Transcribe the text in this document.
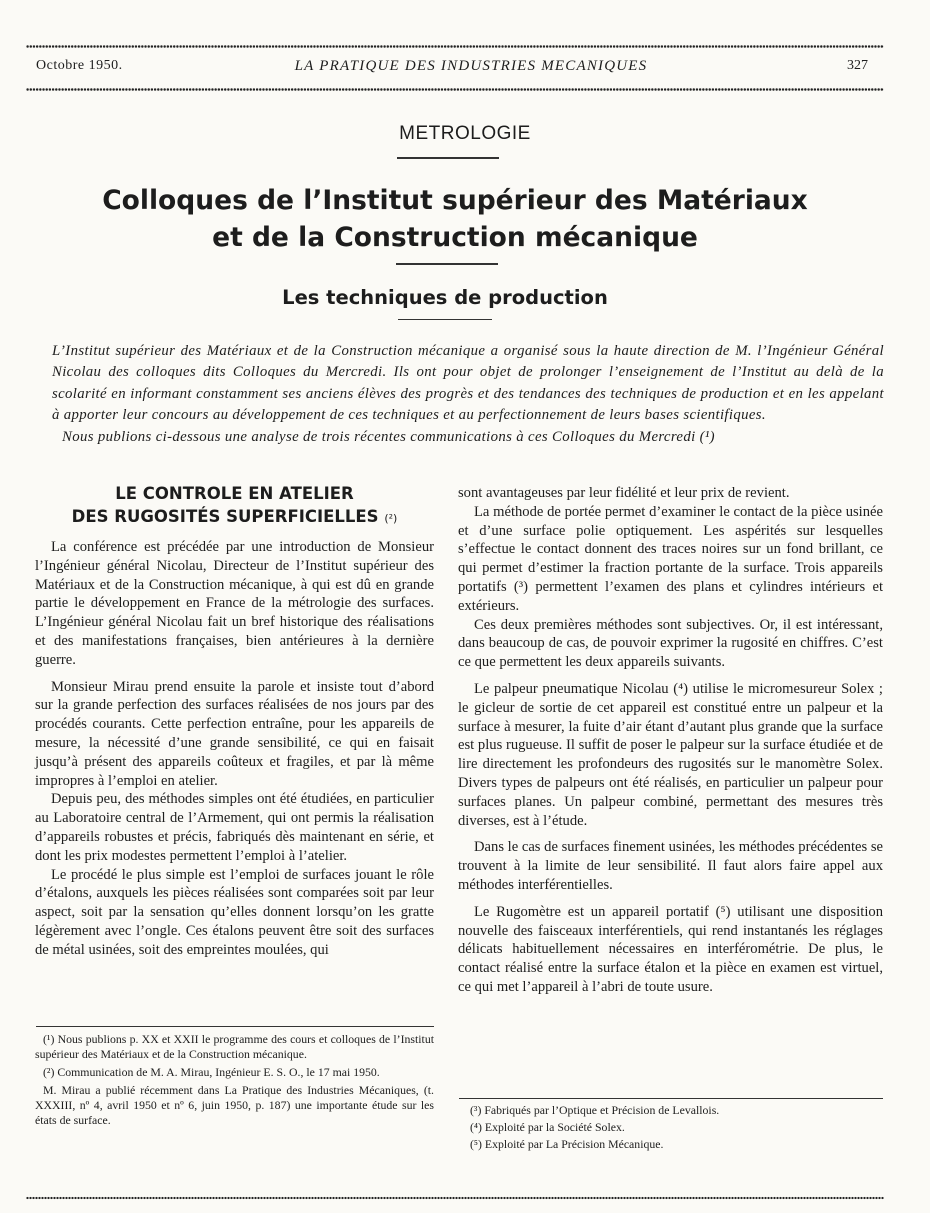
Octobre 1950.	LA PRATIQUE DES INDUSTRIES MECANIQUES	327
METROLOGIE
Colloques de l’Institut supérieur des Matériaux
et de la Construction mécanique
Les techniques de production

L’Institut supérieur des Matériaux et de la Construction mécanique a organisé sous la haute direction de M. l’Ingénieur Général Nicolau des colloques dits Colloques du Mercredi. Ils ont pour objet de prolonger l’enseignement de l’Institut au delà de la scolarité en informant constamment ses anciens élèves des progrès et des tendances des techniques de production et en les appelant à apporter leur concours au développement de ces techniques et au perfectionnement de leurs bases scientifiques.

Nous publions ci-dessous une analyse de trois récentes communications à ces Colloques du Mercredi (¹)

LE CONTROLE EN ATELIER
DES RUGOSITÉS SUPERFICIELLES (²)

La conférence est précédée par une introduction de Monsieur l’Ingénieur général Nicolau, Directeur de l’Institut supérieur des Matériaux et de la Construction mécanique, à qui est dû en grande partie le développement en France de la métrologie des surfaces. L’Ingénieur général Nicolau fait un bref historique des réalisations et des manifestations françaises, bien antérieures à la dernière guerre.

Monsieur Mirau prend ensuite la parole et insiste tout d’abord sur la grande perfection des surfaces réalisées de nos jours par des procédés courants. Cette perfection entraîne, pour les appareils de mesure, la nécessité d’une grande sensibilité, ce qui en faisait jusqu’à présent des appareils coûteux et fragiles, et par là même impropres à l’emploi en atelier.

Depuis peu, des méthodes simples ont été étudiées, en particulier au Laboratoire central de l’Armement, qui ont permis la réalisation d’appareils robustes et précis, fabriqués dès maintenant en série, et dont les prix modestes permettent l’emploi à l’atelier.

Le procédé le plus simple est l’emploi de surfaces jouant le rôle d’étalons, auxquels les pièces réalisées sont comparées soit par leur aspect, soit par la sensation qu’elles donnent lorsqu’on les gratte légèrement avec l’ongle. Ces étalons peuvent être soit des surfaces de métal usinées, soit des empreintes moulées, qui

(¹) Nous publions p. XX et XXII le programme des cours et colloques de l’Institut supérieur des Matériaux et de la Construction mécanique.

(²) Communication de M. A. Mirau, Ingénieur E. S. O., le 17 mai 1950.

M. Mirau a publié récemment dans La Pratique des Industries Mécaniques, (t. XXXIII, nº 4, avril 1950 et nº 6, juin 1950, p. 187) une importante étude sur les états de surface.

sont avantageuses par leur fidélité et leur prix de revient.

La méthode de portée permet d’examiner le contact de la pièce usinée et d’une surface polie optiquement. Les aspérités sur lesquelles s’effectue le contact donnent des traces noires sur un fond brillant, ce qui permet d’estimer la fraction portante de la surface. Trois appareils portatifs (³) permettent l’examen des plans et cylindres intérieurs et extérieurs.

Ces deux premières méthodes sont subjectives. Or, il est intéressant, dans beaucoup de cas, de pouvoir exprimer la rugosité en chiffres. C’est ce que permettent les deux appareils suivants.

Le palpeur pneumatique Nicolau (⁴) utilise le micromesureur Solex ; le gicleur de sortie de cet appareil est constitué entre un palpeur et la surface à mesurer, la fuite d’air étant d’autant plus grande que la surface est plus rugueuse. Il suffit de poser le palpeur sur la surface étudiée et de lire directement les profondeurs des rugosités sur le manomètre Solex. Divers types de palpeurs ont été réalisés, en particulier un palpeur pour surfaces planes. Un palpeur combiné, permettant des mesures très diverses, est à l’étude.

Dans le cas de surfaces finement usinées, les méthodes précédentes se trouvent à la limite de leur sensibilité. Il faut alors faire appel aux méthodes interférentielles.

Le Rugomètre est un appareil portatif (⁵) utilisant une disposition nouvelle des faisceaux interférentiels, qui rend instantanés les réglages délicats habituellement nécessaires en interférométrie. De plus, le contact réalisé entre la surface étalon et la pièce en examen est virtuel, ce qui met l’appareil à l’abri de toute usure.

(³) Fabriqués par l’Optique et Précision de Levallois.

(⁴) Exploité par la Société Solex.

(⁵) Exploité par La Précision Mécanique.
